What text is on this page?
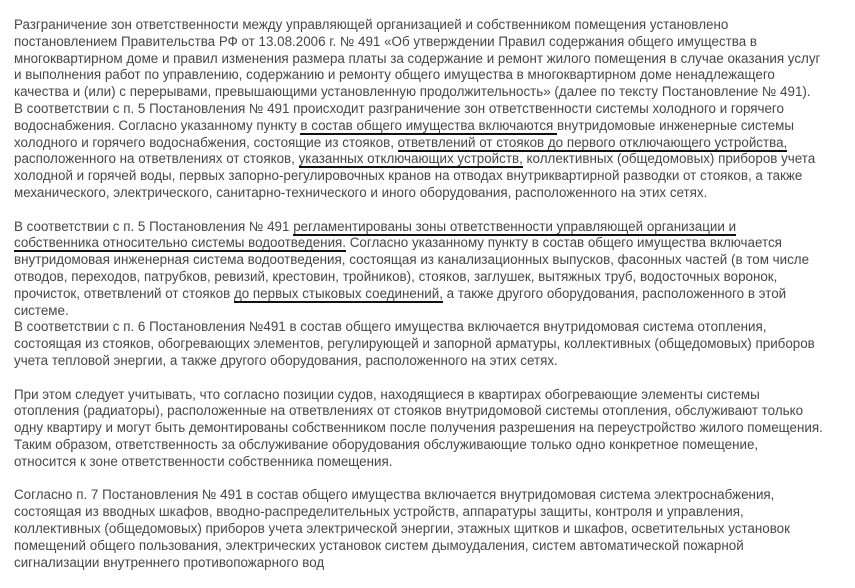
Разграничение зон ответственности между управляющей организацией и собственником помещения установлено
постановлением Правительства РФ от 13.08.2006 г. № 491 «Об утверждении Правил содержания общего имущества в
многоквартирном доме и правил изменения размера платы за содержание и ремонт жилого помещения в случае оказания услуг
и выполнения работ по управлению, содержанию и ремонту общего имущества в многоквартирном доме ненадлежащего
качества и (или) с перерывами, превышающими установленную продолжительность» (далее по тексту Постановление № 491).
В соответствии с п. 5 Постановления № 491 происходит разграничение зон ответственности системы холодного и горячего
водоснабжения. Согласно указанному пункту в состав общего имущества включаются внутридомовые инженерные системы
холодного и горячего водоснабжения, состоящие из стояков, ответвлений от стояков до первого отключающего устройства,
расположенного на ответвлениях от стояков, указанных отключающих устройств, коллективных (общедомовых) приборов учета
холодной и горячей воды, первых запорно-регулировочных кранов на отводах внутриквартирной разводки от стояков, а также
механического, электрического, санитарно-технического и иного оборудования, расположенного на этих сетях.
В соответствии с п. 5 Постановления № 491 регламентированы зоны ответственности управляющей организации и
собственника относительно системы водоотведения. Согласно указанному пункту в состав общего имущества включается
внутридомовая инженерная система водоотведения, состоящая из канализационных выпусков, фасонных частей (в том числе
отводов, переходов, патрубков, ревизий, крестовин, тройников), стояков, заглушек, вытяжных труб, водосточных воронок,
прочисток, ответвлений от стояков до первых стыковых соединений, а также другого оборудования, расположенного в этой
системе.
В соответствии с п. 6 Постановления №491 в состав общего имущества включается внутридомовая система отопления,
состоящая из стояков, обогревающих элементов, регулирующей и запорной арматуры, коллективных (общедомовых) приборов
учета тепловой энергии, а также другого оборудования, расположенного на этих сетях.
При этом следует учитывать, что согласно позиции судов, находящиеся в квартирах обогревающие элементы системы
отопления (радиаторы), расположенные на ответвлениях от стояков внутридомовой системы отопления, обслуживают только
одну квартиру и могут быть демонтированы собственником после получения разрешения на переустройство жилого помещения.
Таким образом, ответственность за обслуживание оборудования обслуживающие только одно конкретное помещение,
относится к зоне ответственности собственника помещения.
Согласно п. 7 Постановления № 491 в состав общего имущества включается внутридомовая система электроснабжения,
состоящая из вводных шкафов, вводно-распределительных устройств, аппаратуры защиты, контроля и управления,
коллективных (общедомовых) приборов учета электрической энергии, этажных щитков и шкафов, осветительных установок
помещений общего пользования, электрических установок систем дымоудаления, систем автоматической пожарной
сигнализации внутреннего противопожарного вод
